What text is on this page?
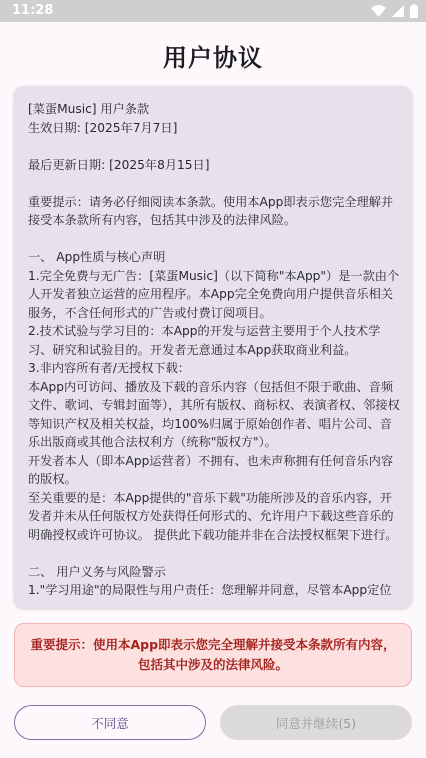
11:28
用户协议
[菜蛋Music] 用户条款
生效日期: [2025年7月7日]

最后更新日期: [2025年8月15日]

重要提示：请务必仔细阅读本条款。使用本App即表示您完全理解并接受本条款所有内容，包括其中涉及的法律风险。

一、 App性质与核心声明
1.完全免费与无广告：[菜蛋Music]（以下简称"本App"）是一款由个人开发者独立运营的应用程序。本App完全免费向用户提供音乐相关服务，不含任何形式的广告或付费订阅项目。
2.技术试验与学习目的：本App的开发与运营主要用于个人技术学习、研究和试验目的。开发者无意通过本App获取商业利益。
3.非内容所有者/无授权下载：
本App内可访问、播放及下载的音乐内容（包括但不限于歌曲、音频文件、歌词、专辑封面等），其所有版权、商标权、表演者权、邻接权等知识产权及相关权益，均100%归属于原始创作者、唱片公司、音乐出版商或其他合法权利方（统称"版权方"）。
开发者本人（即本App运营者）不拥有、也未声称拥有任何音乐内容的版权。
至关重要的是：本App提供的"音乐下载"功能所涉及的音乐内容，开发者并未从任何版权方处获得任何形式的、允许用户下载这些音乐的明确授权或许可协议。 提供此下载功能并非在合法授权框架下进行。

二、 用户义务与风险警示
1."学习用途"的局限性与用户责任：您理解并同意，尽管本App定位
重要提示：使用本App即表示您完全理解并接受本条款所有内容，包括其中涉及的法律风险。
不同意	同意并继续(5)
